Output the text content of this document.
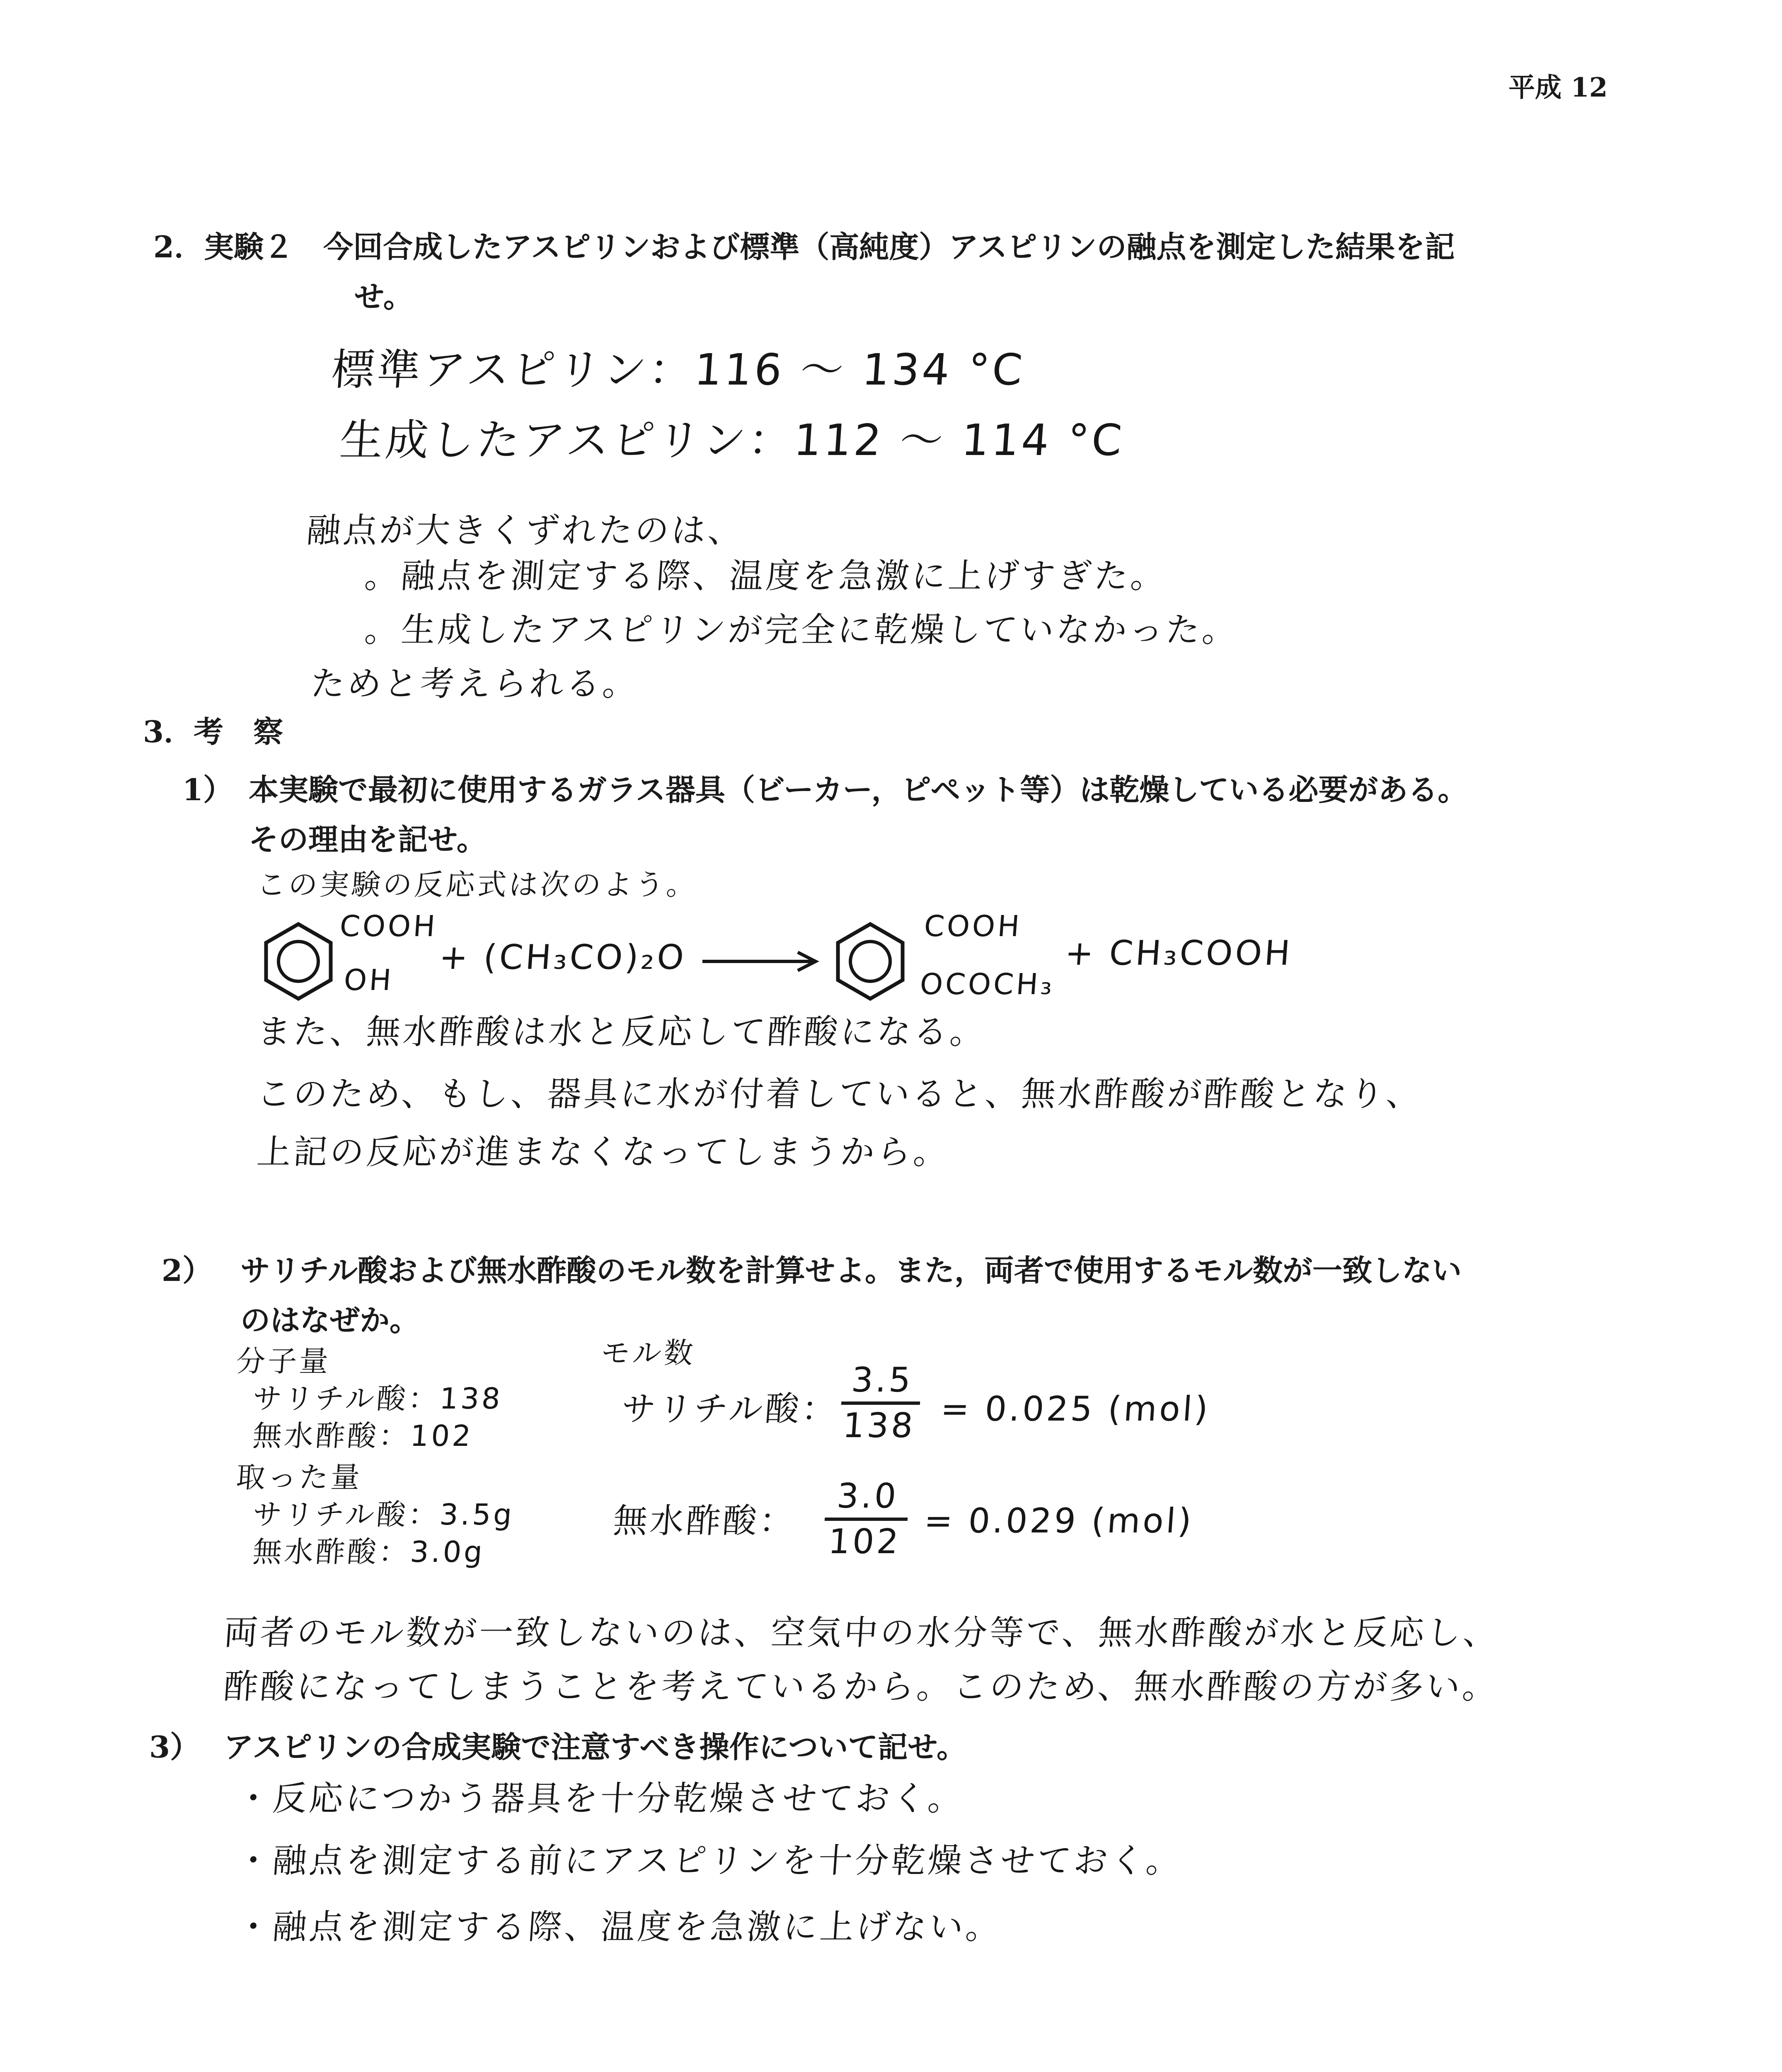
平成 12
2．実験２　今回合成したアスピリンおよび標準（高純度）アスピリンの融点を測定した結果を記
せ。
標準アスピリン：116 ～ 134 °C
生成したアスピリン：112 ～ 114 °C
融点が大きくずれたのは、
。融点を測定する際、温度を急激に上げすぎた。
。生成したアスピリンが完全に乾燥していなかった。
ためと考えられる。
3．考　察
1） 本実験で最初に使用するガラス器具（ビーカー，ピペット等）は乾燥している必要がある。
その理由を記せ。
この実験の反応式は次のよう。
COOH
OH
+ (CH₃CO)₂O
COOH
OCOCH₃
+ CH₃COOH
また、無水酢酸は水と反応して酢酸になる。
このため、もし、器具に水が付着していると、無水酢酸が酢酸となり、
上記の反応が進まなくなってしまうから。
2） サリチル酸および無水酢酸のモル数を計算せよ。また，両者で使用するモル数が一致しない
のはなぜか。
分子量
サリチル酸：138
無水酢酸：102
取った量
サリチル酸：3.5g
無水酢酸：3.0g
モル数
サリチル酸：
3.5
138 = 0.025 (mol)
無水酢酸：
3.0
102
= 0.029 (mol)
両者のモル数が一致しないのは、空気中の水分等で、無水酢酸が水と反応し、
酢酸になってしまうことを考えているから。このため、無水酢酸の方が多い。
3） アスピリンの合成実験で注意すべき操作について記せ。
・反応につかう器具を十分乾燥させておく。
・融点を測定する前にアスピリンを十分乾燥させておく。
・融点を測定する際、温度を急激に上げない。
